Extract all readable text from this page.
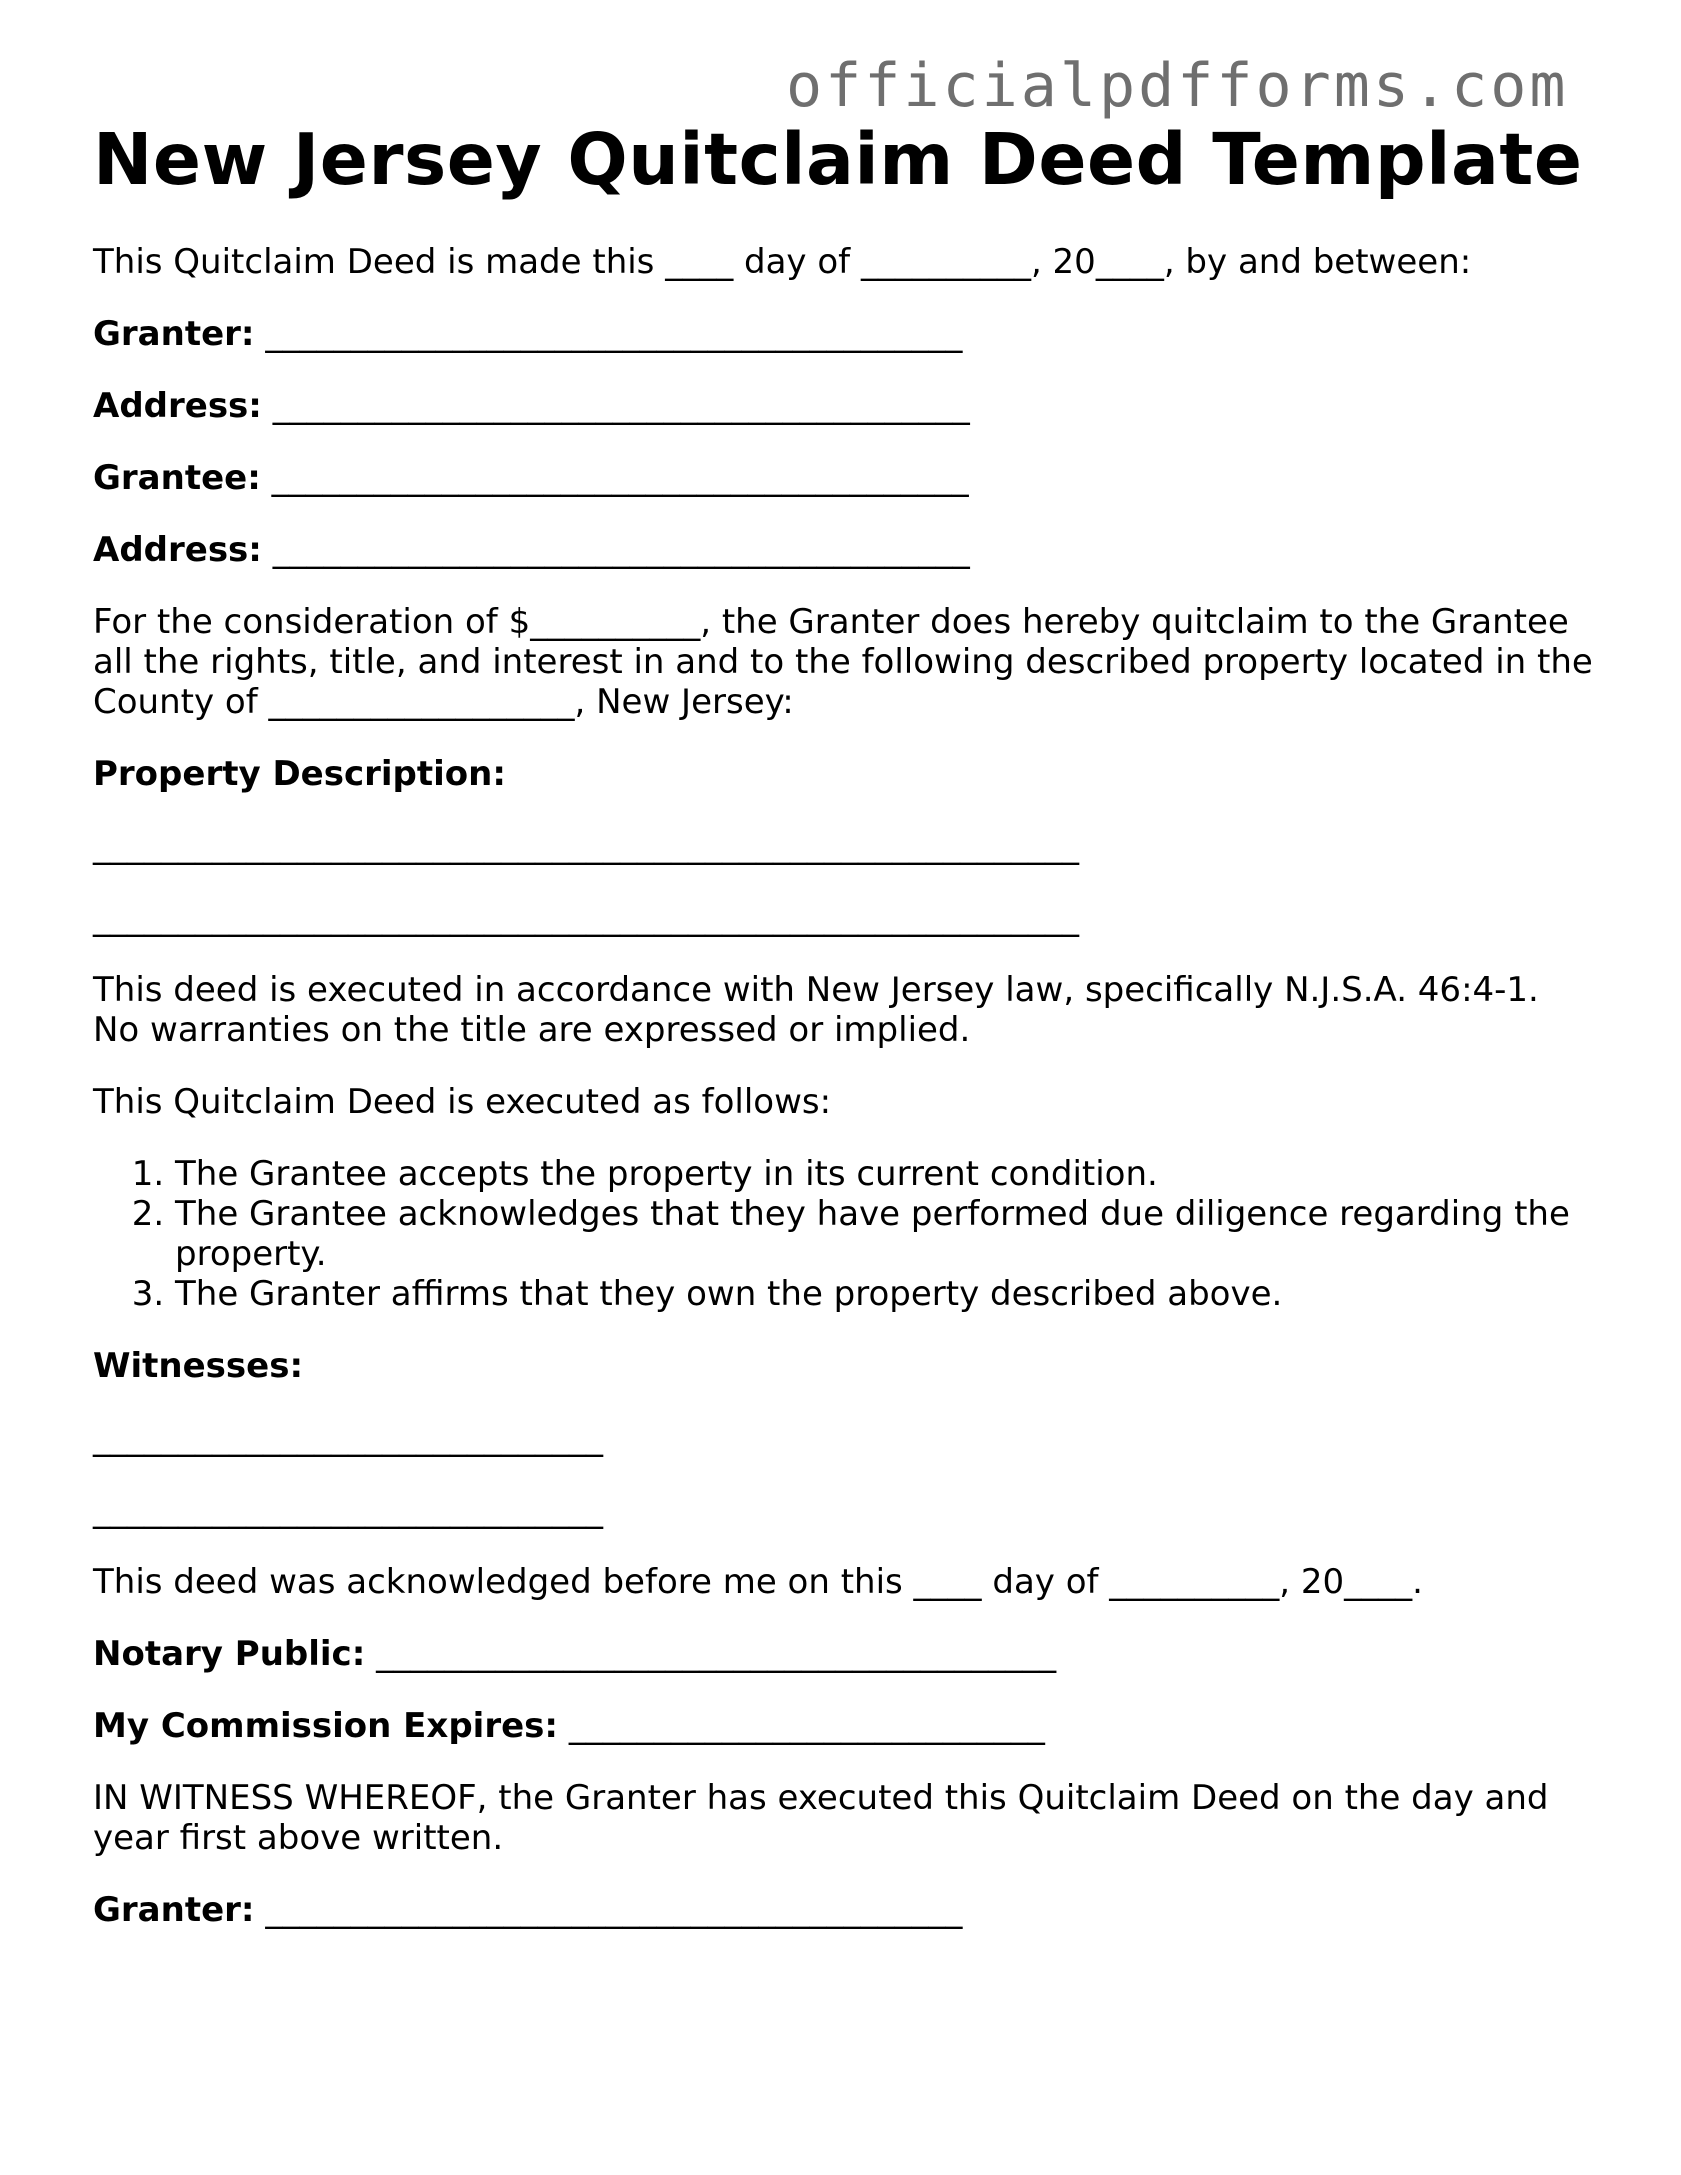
officialpdfforms.com
New Jersey Quitclaim Deed Template
This Quitclaim Deed is made this ____ day of __________, 20____, by and between:
Granter: _________________________________________
Address: _________________________________________
Grantee: _________________________________________
Address: _________________________________________
For the consideration of $__________, the Granter does hereby quitclaim to the Grantee all the rights, title, and interest in and to the following described property located in the County of __________________, New Jersey:
Property Description:
__________________________________________________________
__________________________________________________________
This deed is executed in accordance with New Jersey law, specifically N.J.S.A. 46:4-1. No warranties on the title are expressed or implied.
This Quitclaim Deed is executed as follows:
1. The Grantee accepts the property in its current condition.
2. The Grantee acknowledges that they have performed due diligence regarding the property.
3. The Granter affirms that they own the property described above.
Witnesses:
______________________________
______________________________
This deed was acknowledged before me on this ____ day of __________, 20____.
Notary Public: ________________________________________
My Commission Expires: ____________________________
IN WITNESS WHEREOF, the Granter has executed this Quitclaim Deed on the day and year first above written.
Granter: _________________________________________
